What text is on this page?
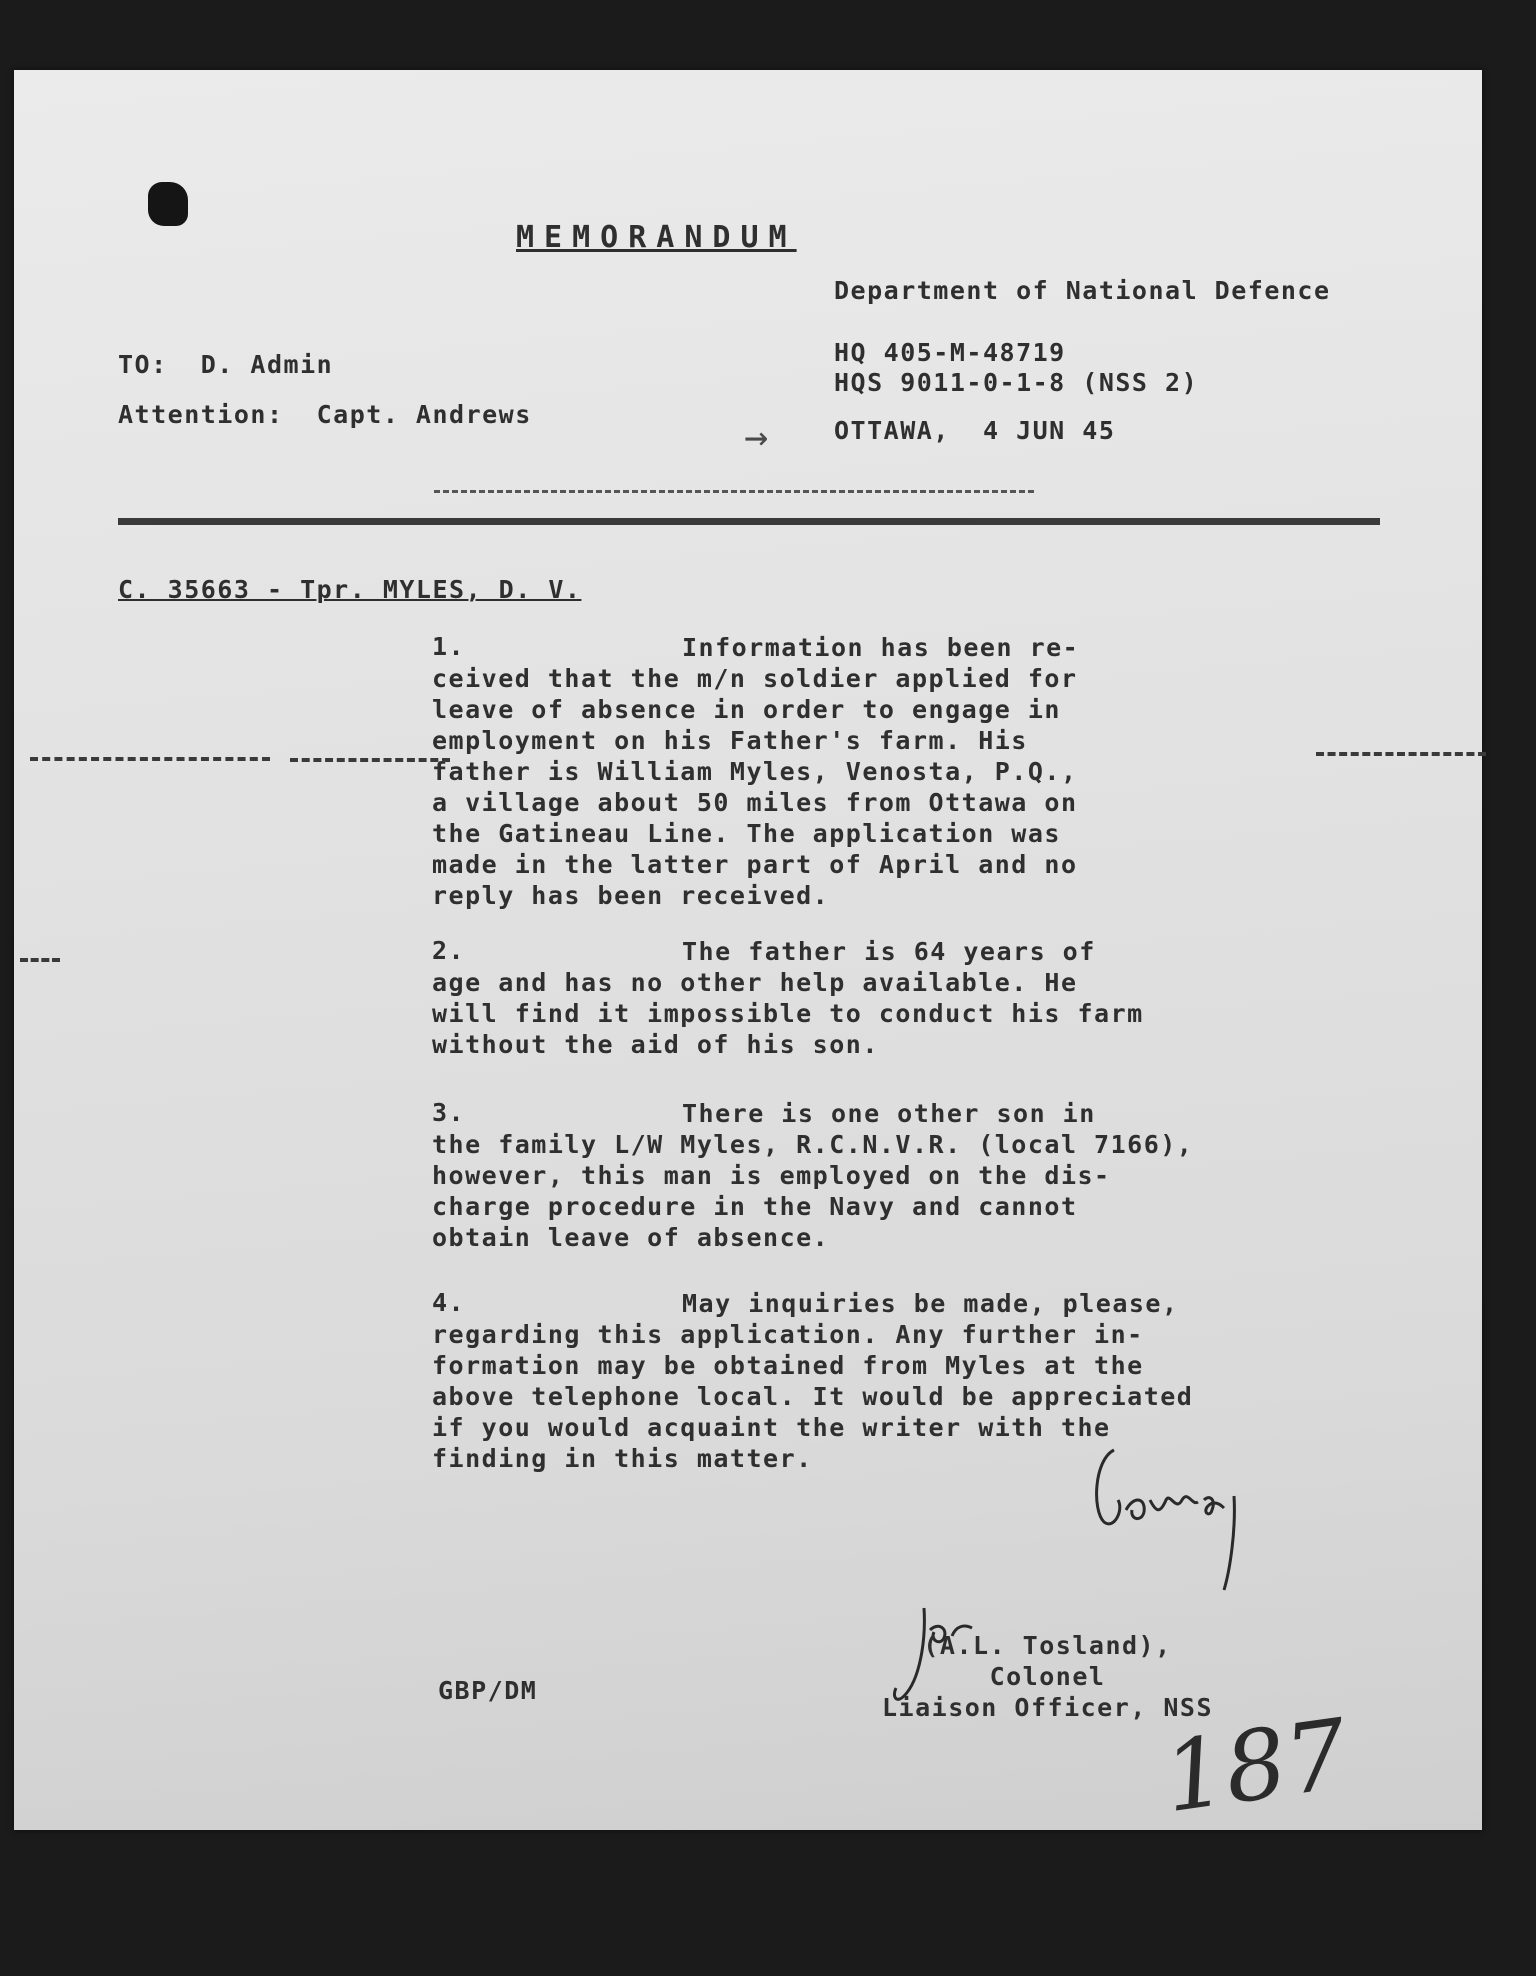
MEMORANDUM
Department of National Defence
HQ 405-M-48719
HQS 9011-0-1-8 (NSS 2)
→	OTTAWA,  4 JUN 45
TO:  D. Admin
Attention:  Capt. Andrews
C. 35663 - Tpr. MYLES, D. V.
1.	Information has been re-
ceived that the m/n soldier applied for
leave of absence in order to engage in
employment on his Father's farm. His
father is William Myles, Venosta, P.Q.,
a village about 50 miles from Ottawa on
the Gatineau Line. The application was
made in the latter part of April and no
reply has been received.
2.	The father is 64 years of
age and has no other help available. He
will find it impossible to conduct his farm
without the aid of his son.
3.	There is one other son in
the family L/W Myles, R.C.N.V.R. (local 7166),
however, this man is employed on the dis-
charge procedure in the Navy and cannot
obtain leave of absence.
4.	May inquiries be made, please,
regarding this application. Any further in-
formation may be obtained from Myles at the
above telephone local. It would be appreciated
if you would acquaint the writer with the
finding in this matter.
(A.L. Tosland),
Colonel
Liaison Officer, NSS
GBP/DM
187
